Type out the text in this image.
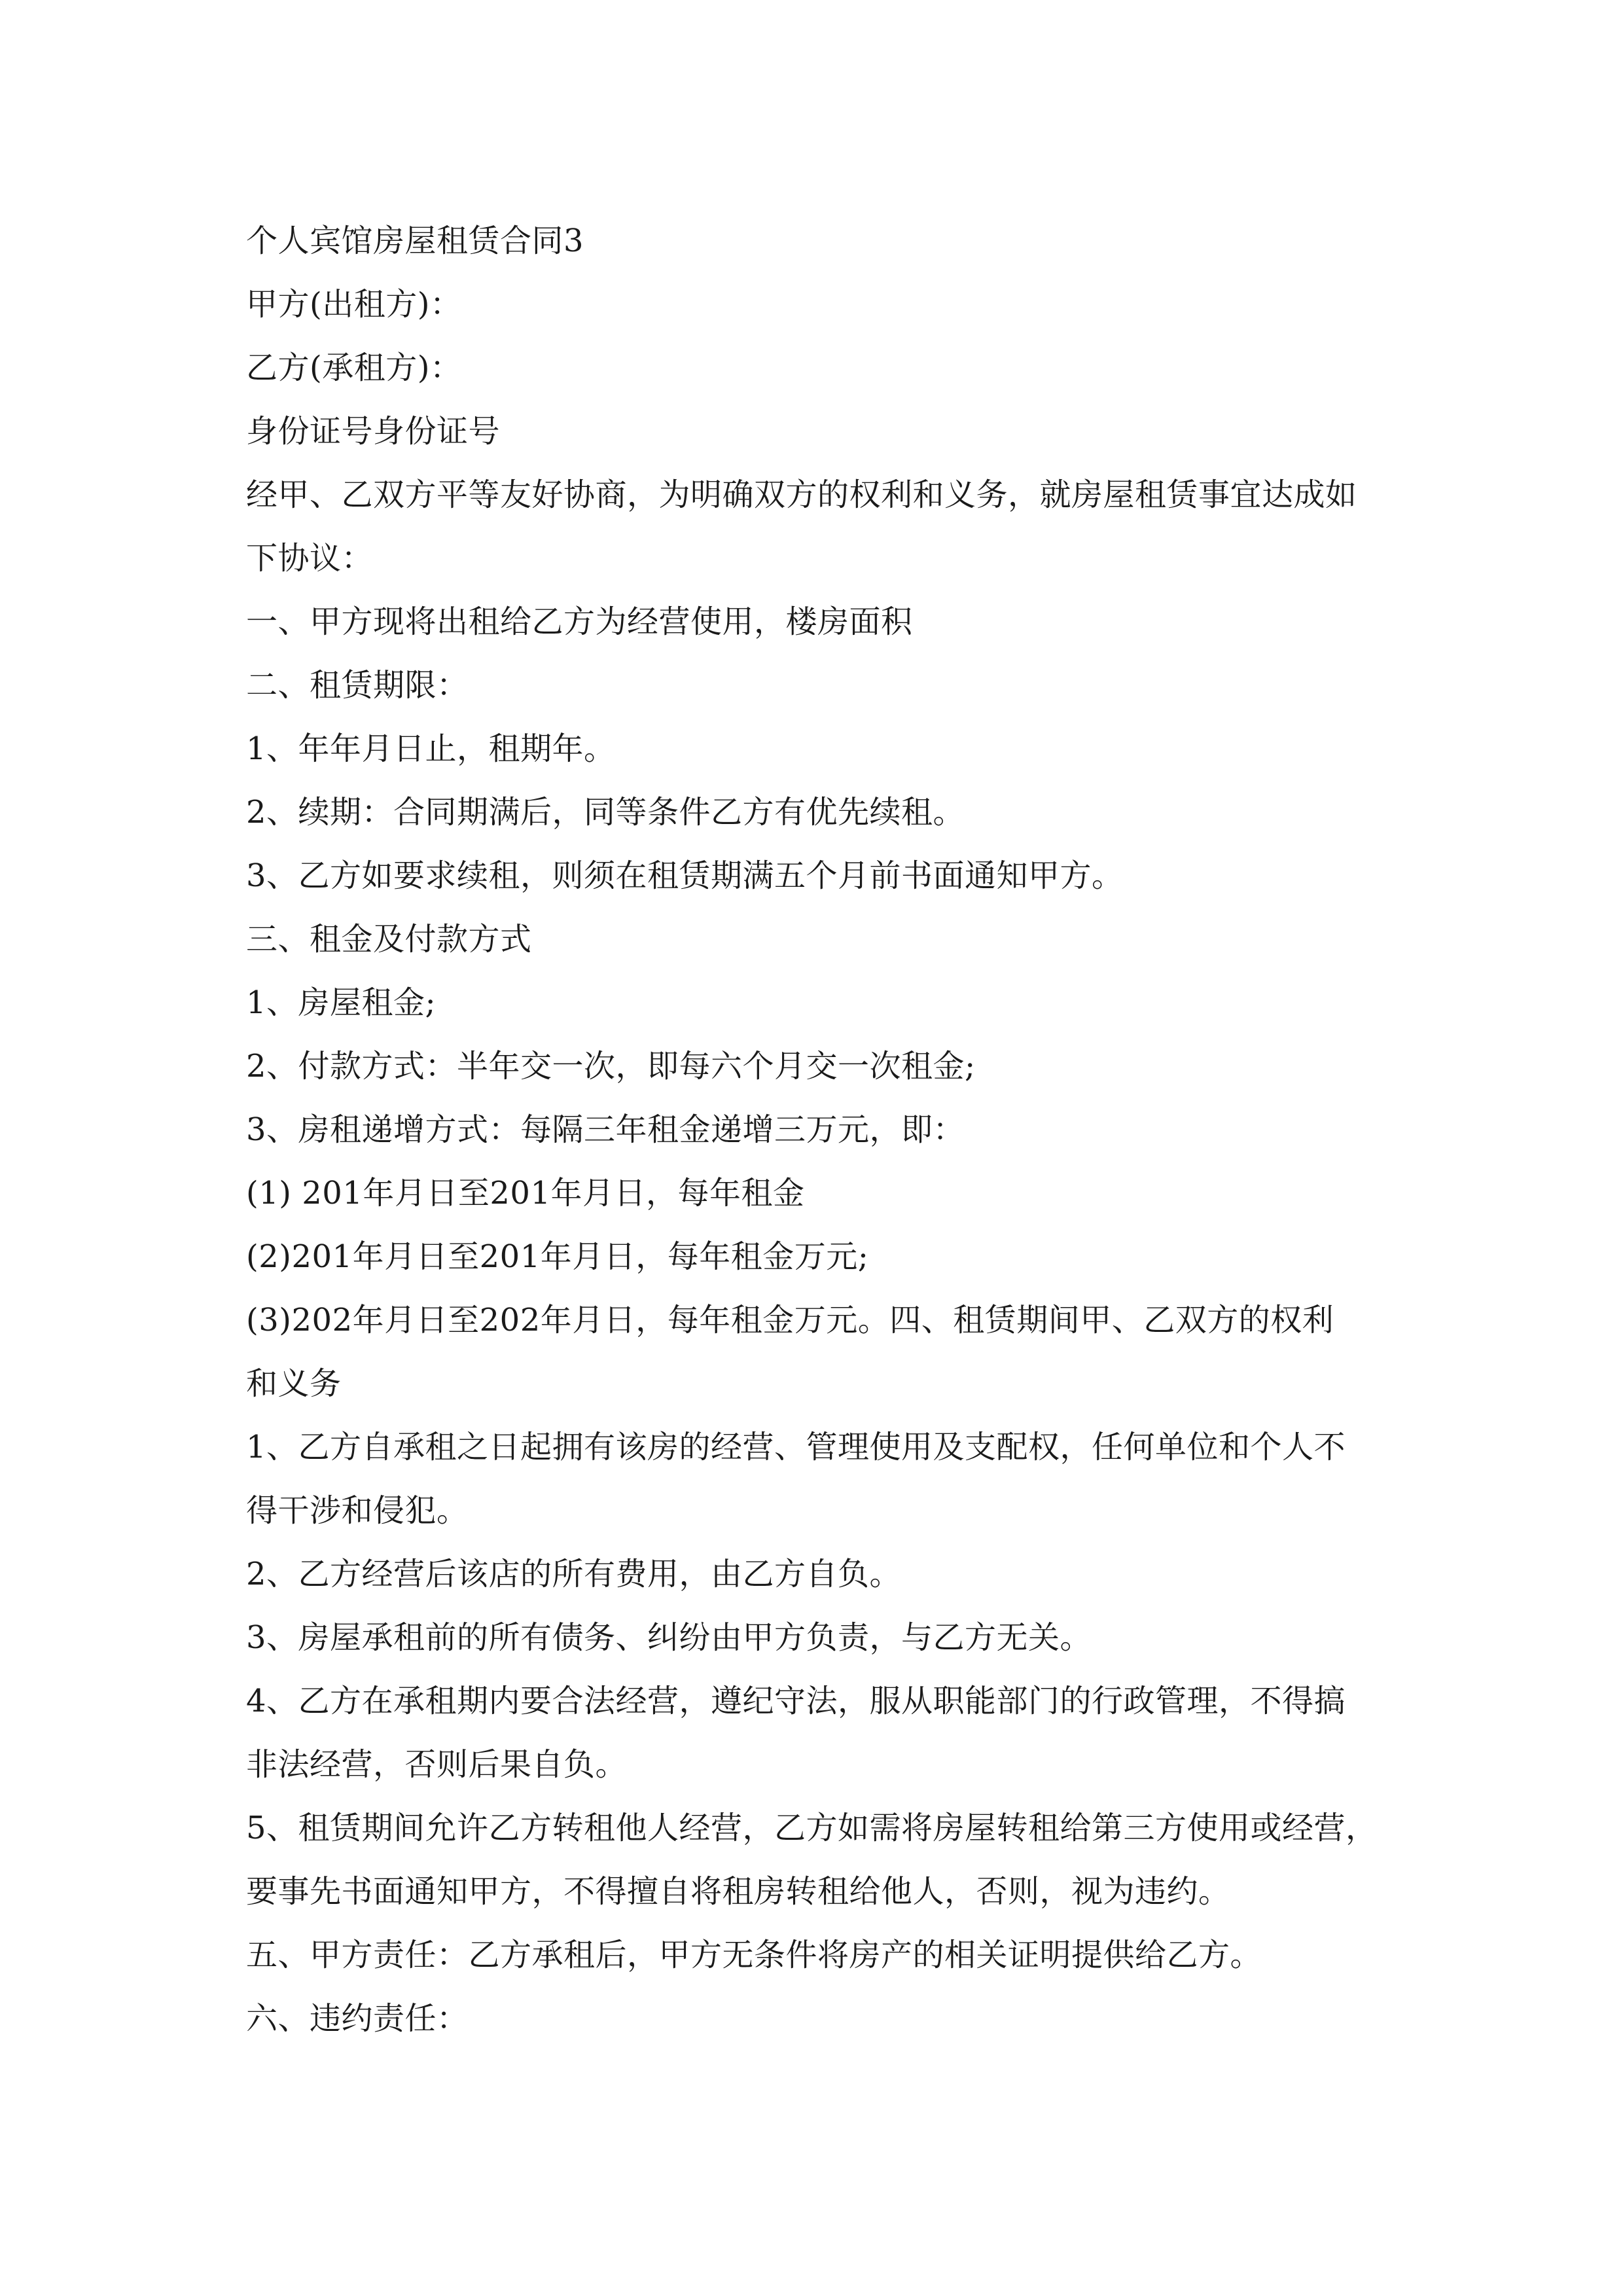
个人宾馆房屋租赁合同3
甲方(出租方)：
乙方(承租方)：
身份证号身份证号
经甲、乙双方平等友好协商，为明确双方的权利和义务，就房屋租赁事宜达成如
下协议：
一、甲方现将出租给乙方为经营使用，楼房面积
二、租赁期限：
1、年年月日止，租期年。
2、续期：合同期满后，同等条件乙方有优先续租。
3、乙方如要求续租，则须在租赁期满五个月前书面通知甲方。
三、租金及付款方式
1、房屋租金;
2、付款方式：半年交一次，即每六个月交一次租金;
3、房租递增方式：每隔三年租金递增三万元，即：
(1) 201年月日至201年月日，每年租金
(2)201年月日至201年月日，每年租金万元;
(3)202年月日至202年月日，每年租金万元。四、租赁期间甲、乙双方的权利
和义务
1、乙方自承租之日起拥有该房的经营、管理使用及支配权，任何单位和个人不
得干涉和侵犯。
2、乙方经营后该店的所有费用，由乙方自负。
3、房屋承租前的所有债务、纠纷由甲方负责，与乙方无关。
4、乙方在承租期内要合法经营，遵纪守法，服从职能部门的行政管理，不得搞
非法经营，否则后果自负。
5、租赁期间允许乙方转租他人经营，乙方如需将房屋转租给第三方使用或经营，
要事先书面通知甲方，不得擅自将租房转租给他人，否则，视为违约。
五、甲方责任：乙方承租后，甲方无条件将房产的相关证明提供给乙方。
六、违约责任：
